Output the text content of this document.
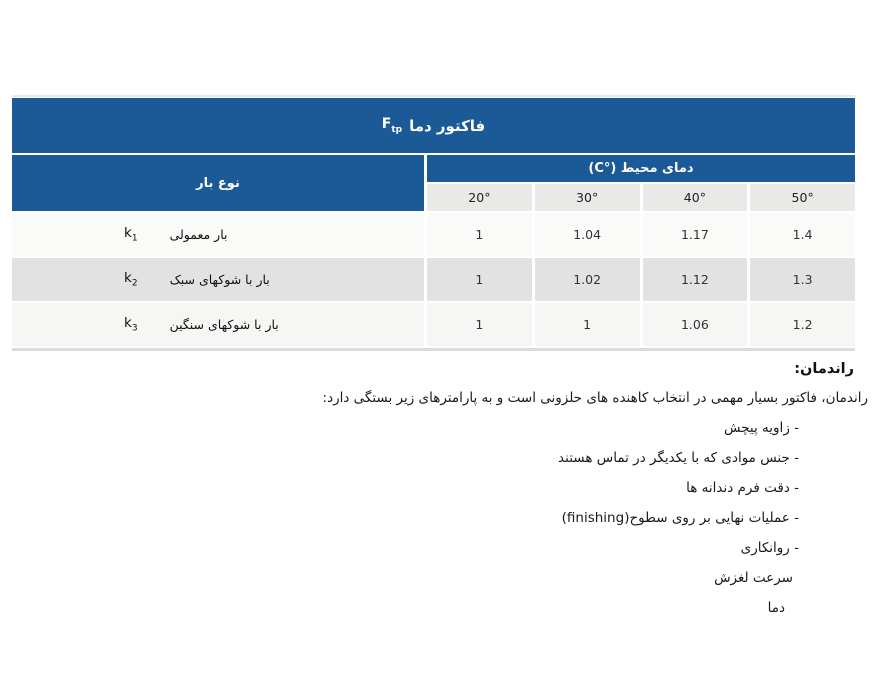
فاکتور دما
$F_{tp}$
نوع بار
دمای محیط (°C)
20°	30°	40°	50°
$k_1$	بار معمولی	1	1.04	1.17	1.4
$k_2$	بار با شوکهای سبک	1	1.02	1.12	1.3
$k_3$	بار با شوکهای سنگین	1	1	1.06	1.2
راندمان:
راندمان، فاکتور بسیار مهمی در انتخاب کاهنده های حلزونی است و به پارامترهای زیر بستگی دارد:
- زاویه پیچش
- جنس موادی که با یکدیگر در تماس هستند
- دقت فرم دندانه ها
- عملیات نهایی بر روی سطوح(finishing)
- روانکاری
سرعت لغزش
دما
